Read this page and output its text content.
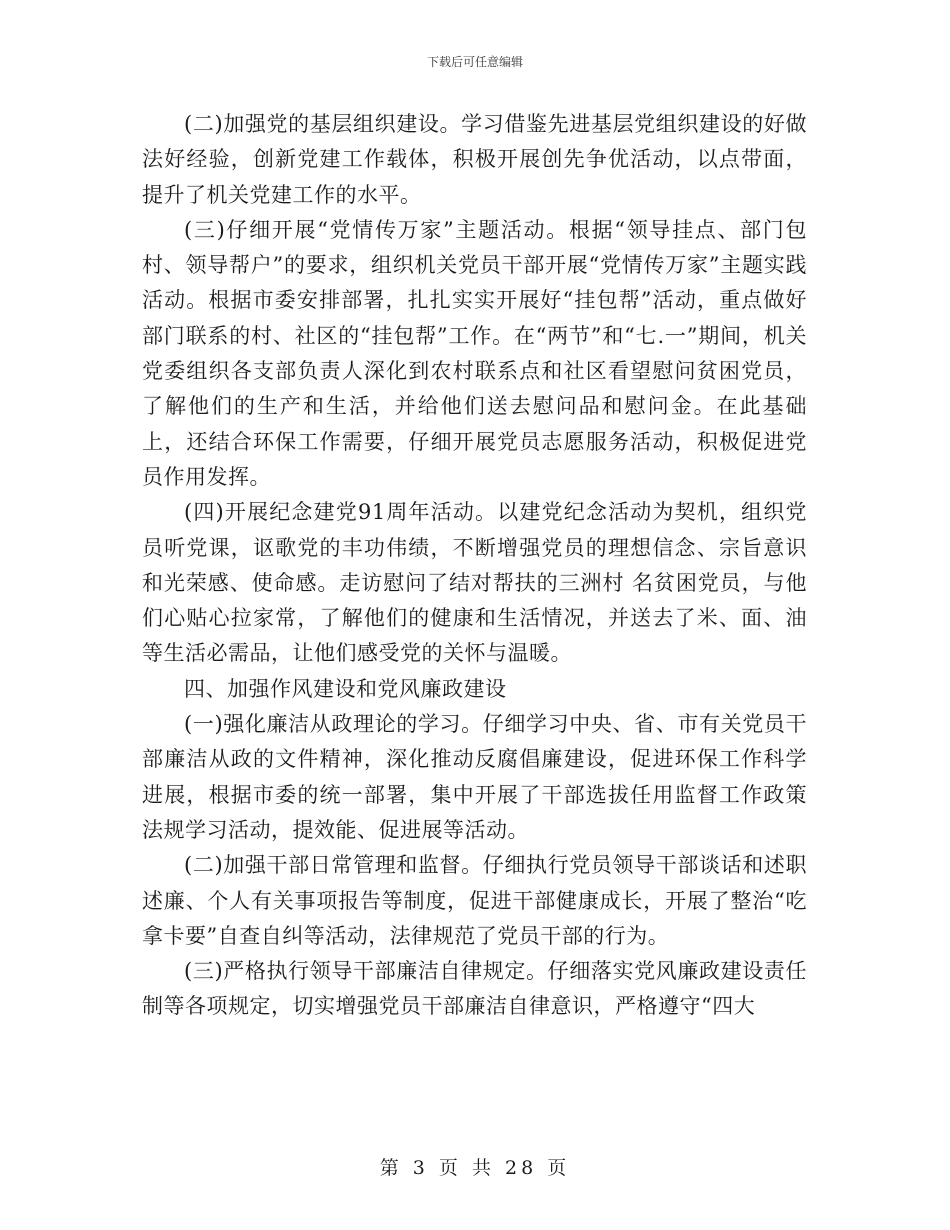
下载后可任意编辑

(二)加强党的基层组织建设。学习借鉴先进基层党组织建设的好做法好经验，创新党建工作载体，积极开展创先争优活动，以点带面，提升了机关党建工作的水平。

(三)仔细开展“党情传万家”主题活动。根据“领导挂点、部门包村、领导帮户”的要求，组织机关党员干部开展“党情传万家”主题实践活动。根据市委安排部署，扎扎实实开展好“挂包帮”活动，重点做好部门联系的村、社区的“挂包帮”工作。在“两节”和“七.一”期间，机关党委组织各支部负责人深化到农村联系点和社区看望慰问贫困党员，了解他们的生产和生活，并给他们送去慰问品和慰问金。在此基础上，还结合环保工作需要，仔细开展党员志愿服务活动，积极促进党员作用发挥。

(四)开展纪念建党91周年活动。以建党纪念活动为契机，组织党员听党课，讴歌党的丰功伟绩，不断增强党员的理想信念、宗旨意识和光荣感、使命感。走访慰问了结对帮扶的三洲村 名贫困党员，与他们心贴心拉家常，了解他们的健康和生活情况，并送去了米、面、油等生活必需品，让他们感受党的关怀与温暖。

四、加强作风建设和党风廉政建设

(一)强化廉洁从政理论的学习。仔细学习中央、省、市有关党员干部廉洁从政的文件精神，深化推动反腐倡廉建设，促进环保工作科学进展，根据市委的统一部署，集中开展了干部选拔任用监督工作政策法规学习活动，提效能、促进展等活动。

(二)加强干部日常管理和监督。仔细执行党员领导干部谈话和述职述廉、个人有关事项报告等制度，促进干部健康成长，开展了整治“吃拿卡要”自查自纠等活动，法律规范了党员干部的行为。

(三)严格执行领导干部廉洁自律规定。仔细落实党风廉政建设责任制等各项规定，切实增强党员干部廉洁自律意识，严格遵守“四大

第 3 页 共 28 页
